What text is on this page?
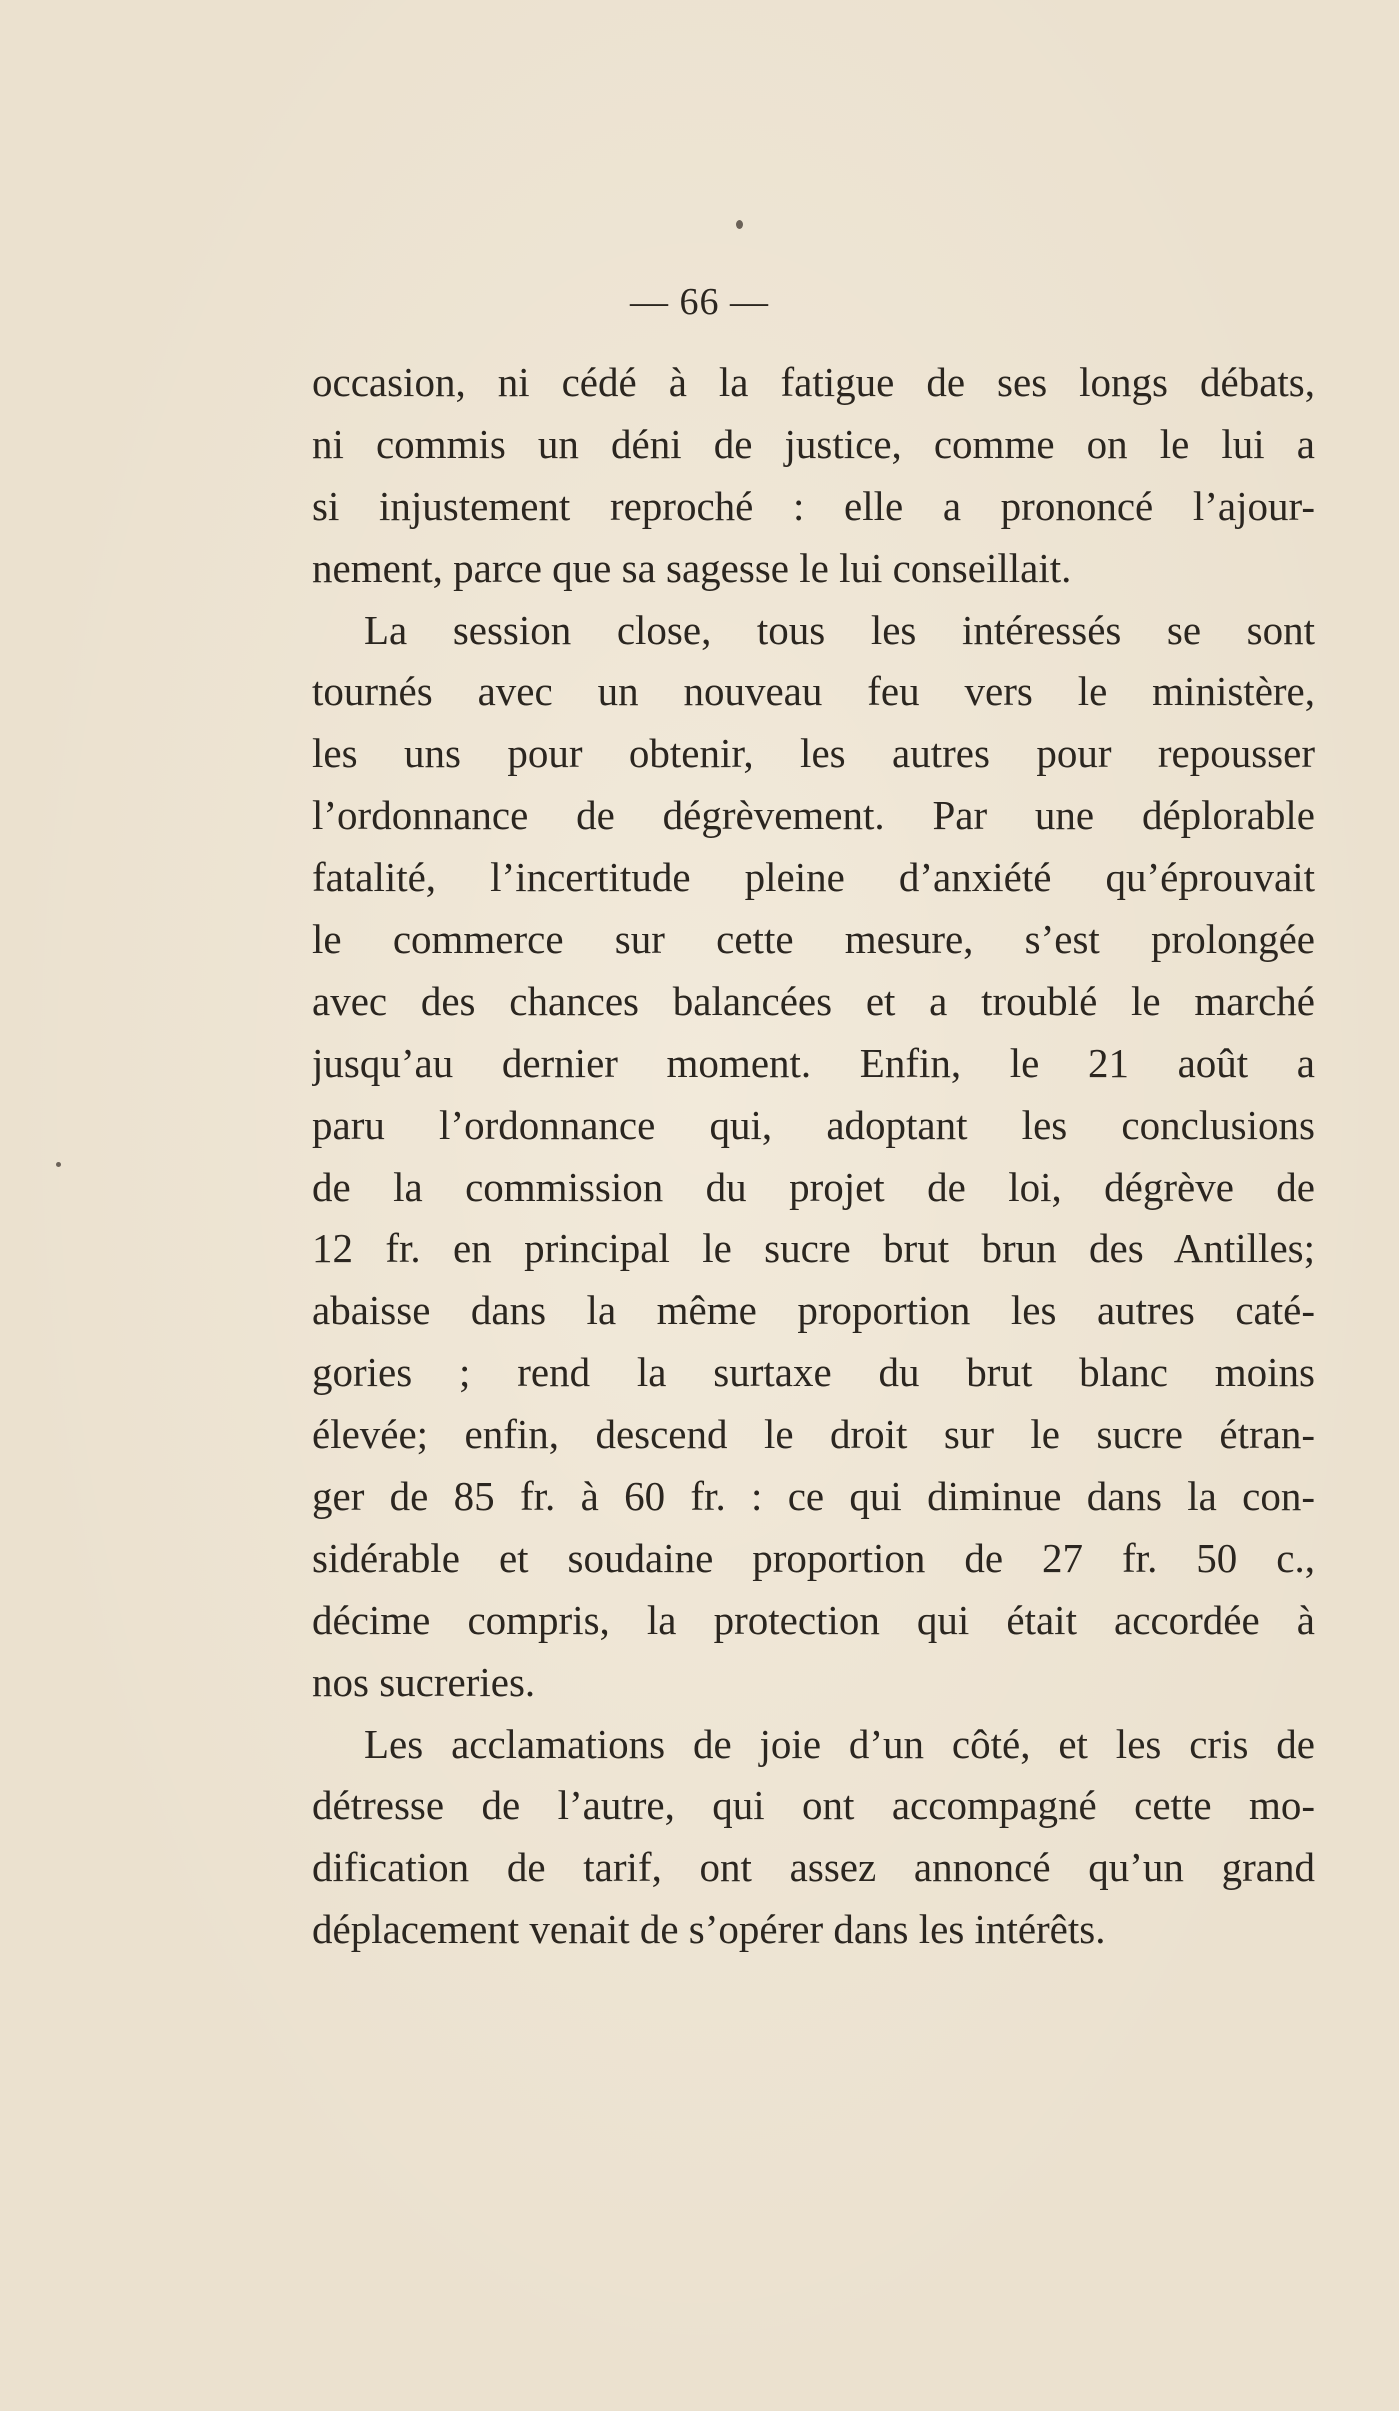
— 66 —
occasion, ni cédé à la fatigue de ses longs débats,
ni commis un déni de justice, comme on le lui a
si injustement reproché : elle a prononcé l’ajour-
nement, parce que sa sagesse le lui conseillait.
La session close, tous les intéressés se sont
tournés avec un nouveau feu vers le ministère,
les uns pour obtenir, les autres pour repousser
l’ordonnance de dégrèvement. Par une déplorable
fatalité, l’incertitude pleine d’anxiété qu’éprouvait
le commerce sur cette mesure, s’est prolongée
avec des chances balancées et a troublé le marché
jusqu’au dernier moment. Enfin, le 21 août a
paru l’ordonnance qui, adoptant les conclusions
de la commission du projet de loi, dégrève de
12 fr. en principal le sucre brut brun des Antilles;
abaisse dans la même proportion les autres caté-
gories ; rend la surtaxe du brut blanc moins
élevée; enfin, descend le droit sur le sucre étran-
ger de 85 fr. à 60 fr. : ce qui diminue dans la con-
sidérable et soudaine proportion de 27 fr. 50 c.,
décime compris, la protection qui était accordée à
nos sucreries.
Les acclamations de joie d’un côté, et les cris de
détresse de l’autre, qui ont accompagné cette mo-
dification de tarif, ont assez annoncé qu’un grand
déplacement venait de s’opérer dans les intérêts.
